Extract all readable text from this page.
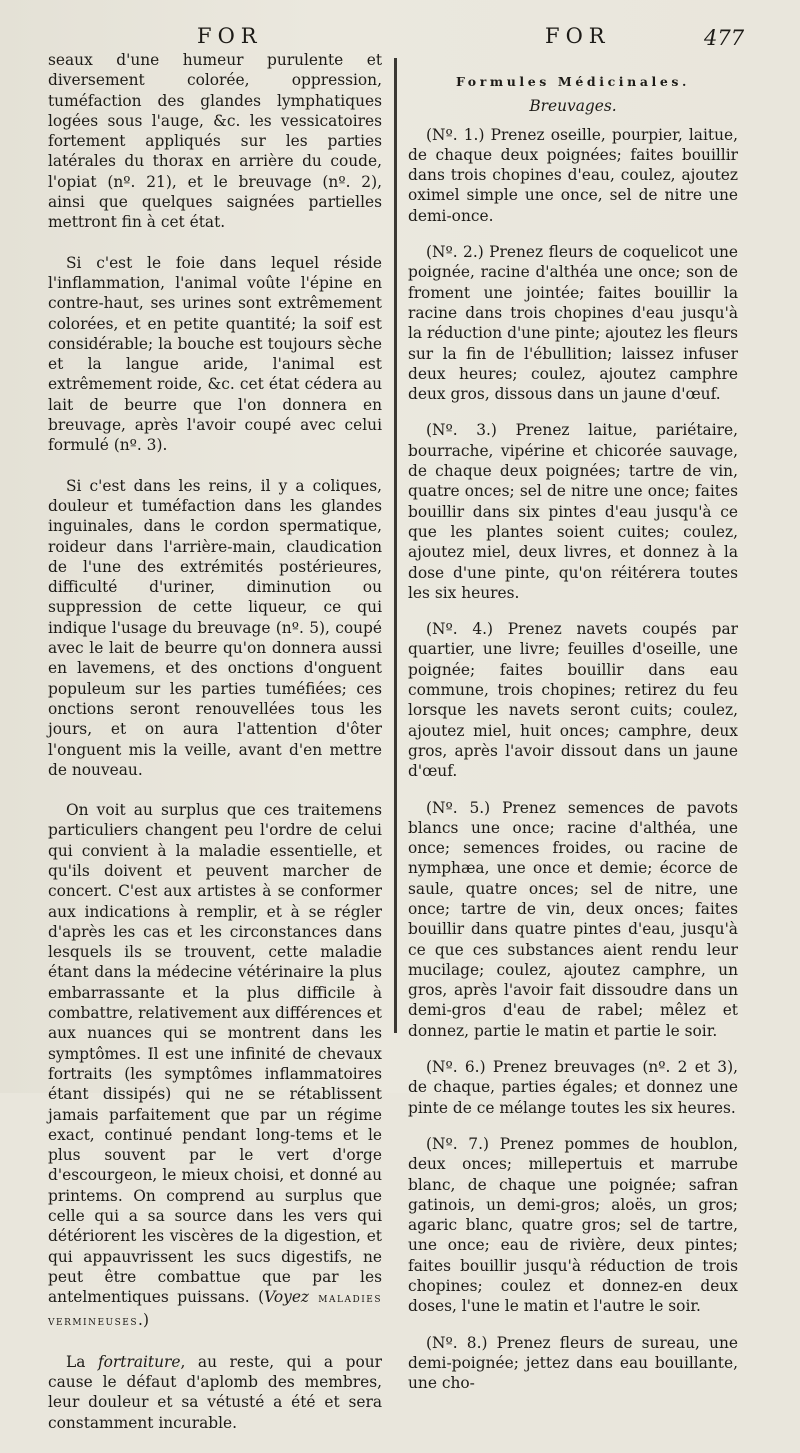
FOR	FOR	477

seaux d'une humeur purulente et diversement colorée, oppression, tuméfaction des glandes lymphatiques logées sous l'auge, &c. les vessicatoires fortement appliqués sur les parties latérales du thorax en arrière du coude, l'opiat (nº. 21), et le breuvage (nº. 2), ainsi que quelques saignées partielles mettront fin à cet état.

Si c'est le foie dans lequel réside l'inflammation, l'animal voûte l'épine en contre-haut, ses urines sont extrêmement colorées, et en petite quantité; la soif est considérable; la bouche est toujours sèche et la langue aride, l'animal est extrêmement roide, &c. cet état cédera au lait de beurre que l'on donnera en breuvage, après l'avoir coupé avec celui formulé (nº. 3).

Si c'est dans les reins, il y a coliques, douleur et tuméfaction dans les glandes inguinales, dans le cordon spermatique, roideur dans l'arrière-main, claudication de l'une des extrémités postérieures, difficulté d'uriner, diminution ou suppression de cette liqueur, ce qui indique l'usage du breuvage (nº. 5), coupé avec le lait de beurre qu'on donnera aussi en lavemens, et des onctions d'onguent populeum sur les parties tuméfiées; ces onctions seront renouvellées tous les jours, et on aura l'attention d'ôter l'onguent mis la veille, avant d'en mettre de nouveau.

On voit au surplus que ces traitemens particuliers changent peu l'ordre de celui qui convient à la maladie essentielle, et qu'ils doivent et peuvent marcher de concert. C'est aux artistes à se conformer aux indications à remplir, et à se régler d'après les cas et les circonstances dans lesquels ils se trouvent, cette maladie étant dans la médecine vétérinaire la plus embarrassante et la plus difficile à combattre, relativement aux différences et aux nuances qui se montrent dans les symptômes. Il est une infinité de chevaux fortraits (les symptômes inflammatoires étant dissipés) qui ne se rétablissent jamais parfaitement que par un régime exact, continué pendant long-tems et le plus souvent par le vert d'orge d'escourgeon, le mieux choisi, et donné au printems. On comprend au surplus que celle qui a sa source dans les vers qui détériorent les viscères de la digestion, et qui appauvrissent les sucs digestifs, ne peut être combattue que par les antelmentiques puissans. (Voyez maladies vermineuses.)

La fortraiture, au reste, qui a pour cause le défaut d'aplomb des membres, leur douleur et sa vétusté a été et sera constamment incurable.

Formules Médicinales.
Breuvages.

(Nº. 1.) Prenez oseille, pourpier, laitue, de chaque deux poignées; faites bouillir dans trois chopines d'eau, coulez, ajoutez oximel simple une once, sel de nitre une demi-once.

(Nº. 2.) Prenez fleurs de coquelicot une poignée, racine d'althéa une once; son de froment une jointée; faites bouillir la racine dans trois chopines d'eau jusqu'à la réduction d'une pinte; ajoutez les fleurs sur la fin de l'ébullition; laissez infuser deux heures; coulez, ajoutez camphre deux gros, dissous dans un jaune d'œuf.

(Nº. 3.) Prenez laitue, pariétaire, bourrache, vipérine et chicorée sauvage, de chaque deux poignées; tartre de vin, quatre onces; sel de nitre une once; faites bouillir dans six pintes d'eau jusqu'à ce que les plantes soient cuites; coulez, ajoutez miel, deux livres, et donnez à la dose d'une pinte, qu'on réitérera toutes les six heures.

(Nº. 4.) Prenez navets coupés par quartier, une livre; feuilles d'oseille, une poignée; faites bouillir dans eau commune, trois chopines; retirez du feu lorsque les navets seront cuits; coulez, ajoutez miel, huit onces; camphre, deux gros, après l'avoir dissout dans un jaune d'œuf.

(Nº. 5.) Prenez semences de pavots blancs une once; racine d'althéa, une once; semences froides, ou racine de nymphæa, une once et demie; écorce de saule, quatre onces; sel de nitre, une once; tartre de vin, deux onces; faites bouillir dans quatre pintes d'eau, jusqu'à ce que ces substances aient rendu leur mucilage; coulez, ajoutez camphre, un gros, après l'avoir fait dissoudre dans un demi-gros d'eau de rabel; mêlez et donnez, partie le matin et partie le soir.

(Nº. 6.) Prenez breuvages (nº. 2 et 3), de chaque, parties égales; et donnez une pinte de ce mélange toutes les six heures.

(Nº. 7.) Prenez pommes de houblon, deux onces; millepertuis et marrube blanc, de chaque une poignée; safran gatinois, un demi-gros; aloës, un gros; agaric blanc, quatre gros; sel de tartre, une once; eau de rivière, deux pintes; faites bouillir jusqu'à réduction de trois chopines; coulez et donnez-en deux doses, l'une le matin et l'autre le soir.

(Nº. 8.) Prenez fleurs de sureau, une demi-poignée; jettez dans eau bouillante, une cho-
